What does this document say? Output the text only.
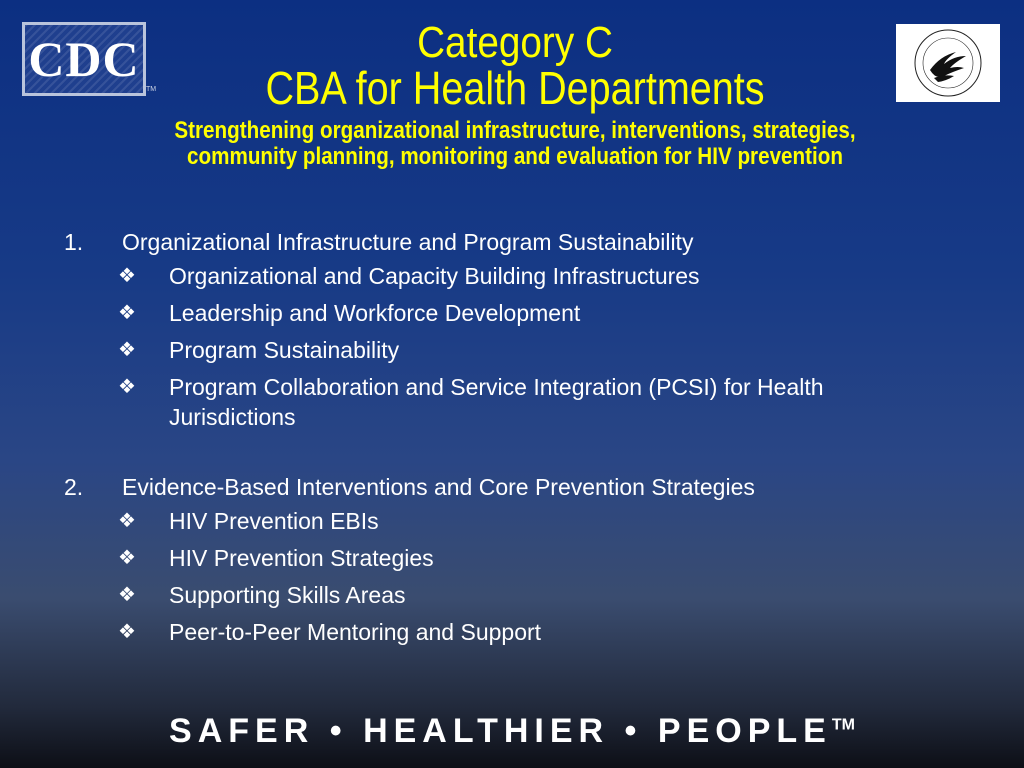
CDC
TM
Category C
CBA for Health Departments
Strengthening organizational infrastructure, interventions, strategies,
community planning, monitoring and evaluation for HIV prevention
1. Organizational Infrastructure and Program Sustainability
❖ Organizational and Capacity Building Infrastructures
❖ Leadership and Workforce Development
❖ Program Sustainability
❖ Program Collaboration and Service Integration (PCSI) for Health Jurisdictions
2. Evidence-Based Interventions and Core Prevention Strategies
❖ HIV Prevention EBIs
❖ HIV Prevention Strategies
❖ Supporting Skills Areas
❖ Peer-to-Peer Mentoring and Support
SAFER • HEALTHIER • PEOPLE™
